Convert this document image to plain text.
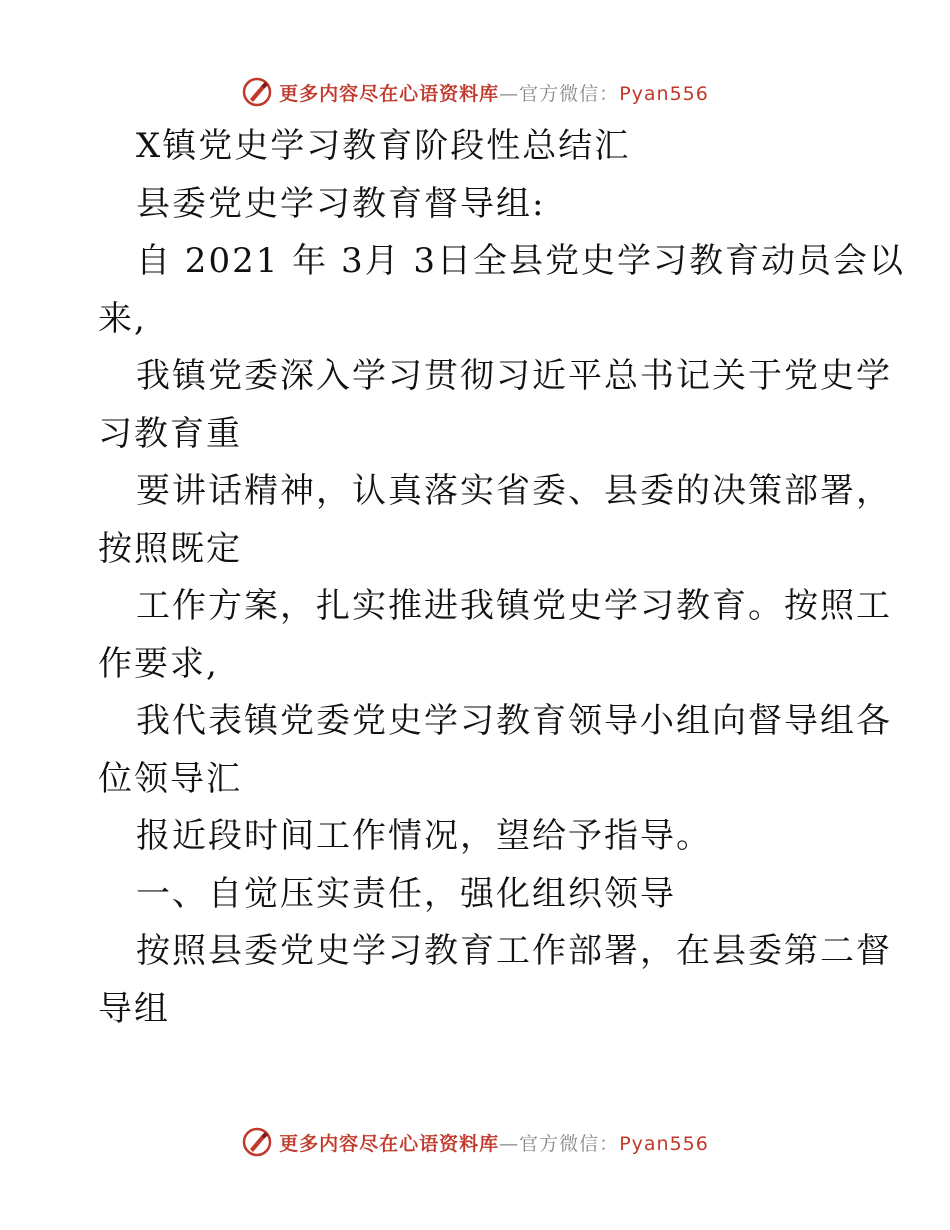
更多内容尽在心语资料库—官方微信：Pyan556
X镇党史学习教育阶段性总结汇
县委党史学习教育督导组:
自 2021 年 3月 3日全县党史学习教育动员会以
来,
我镇党委深入学习贯彻习近平总书记关于党史学
习教育重
要讲话精神，认真落实省委、县委的决策部署，
按照既定
工作方案，扎实推进我镇党史学习教育。按照工
作要求,
我代表镇党委党史学习教育领导小组向督导组各
位领导汇
报近段时间工作情况，望给予指导。
一、自觉压实责任，强化组织领导
按照县委党史学习教育工作部署，在县委第二督
导组
更多内容尽在心语资料库—官方微信：Pyan556
